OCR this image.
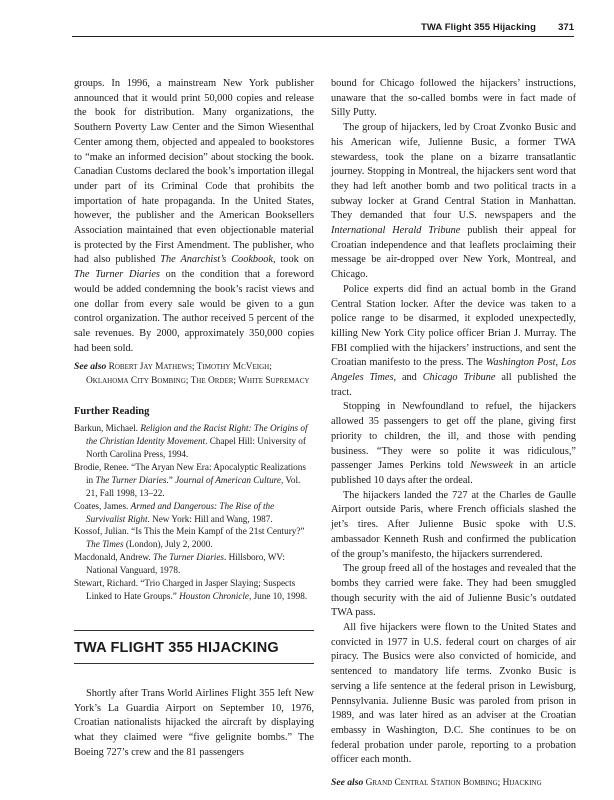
TWA Flight 355 Hijacking 371

groups. In 1996, a mainstream New York publisher announced that it would print 50,000 copies and release the book for distribution. Many organizations, the Southern Poverty Law Center and the Simon Wiesenthal Center among them, objected and appealed to bookstores to “make an informed decision” about stocking the book. Canadian Customs declared the book’s importation illegal under part of its Criminal Code that prohibits the importation of hate propaganda. In the United States, however, the publisher and the American Booksellers Association maintained that even objectionable material is protected by the First Amendment. The publisher, who had also published The Anarchist’s Cookbook, took on The Turner Diaries on the condition that a foreword would be added condemning the book’s racist views and one dollar from every sale would be given to a gun control organization. The author received 5 percent of the sale revenues. By 2000, approximately 350,000 copies had been sold.

See also Robert Jay Mathews; Timothy McVeigh; Oklahoma City Bombing; The Order; White Supremacy
Further Reading
Barkun, Michael. Religion and the Racist Right: The Origins of the Christian Identity Movement. Chapel Hill: University of North Carolina Press, 1994.
Brodie, Renee. “The Aryan New Era: Apocalyptic Realizations in The Turner Diaries.” Journal of American Culture, Vol. 21, Fall 1998, 13–22.
Coates, James. Armed and Dangerous: The Rise of the Survivalist Right. New York: Hill and Wang, 1987.
Kossof, Julian. “Is This the Mein Kampf of the 21st Century?” The Times (London), July 2, 2000.
Macdonald, Andrew. The Turner Diaries. Hillsboro, WV: National Vanguard, 1978.
Stewart, Richard. “Trio Charged in Jasper Slaying; Suspects Linked to Hate Groups.” Houston Chronicle, June 10, 1998.
TWA FLIGHT 355 HIJACKING

Shortly after Trans World Airlines Flight 355 left New York’s La Guardia Airport on September 10, 1976, Croatian nationalists hijacked the aircraft by displaying what they claimed were “five gelignite bombs.” The Boeing 727’s crew and the 81 passengers

bound for Chicago followed the hijackers’ instructions, unaware that the so-called bombs were in fact made of Silly Putty.

The group of hijackers, led by Croat Zvonko Busic and his American wife, Julienne Busic, a former TWA stewardess, took the plane on a bizarre transatlantic journey. Stopping in Montreal, the hijackers sent word that they had left another bomb and two political tracts in a subway locker at Grand Central Station in Manhattan. They demanded that four U.S. newspapers and the International Herald Tribune publish their appeal for Croatian independence and that leaflets proclaiming their message be air-dropped over New York, Montreal, and Chicago.

Police experts did find an actual bomb in the Grand Central Station locker. After the device was taken to a police range to be disarmed, it exploded unexpectedly, killing New York City police officer Brian J. Murray. The FBI complied with the hijackers’ instructions, and sent the Croatian manifesto to the press. The Washington Post, Los Angeles Times, and Chicago Tribune all published the tract.

Stopping in Newfoundland to refuel, the hijackers allowed 35 passengers to get off the plane, giving first priority to children, the ill, and those with pending business. “They were so polite it was ridiculous,” passenger James Perkins told Newsweek in an article published 10 days after the ordeal.

The hijackers landed the 727 at the Charles de Gaulle Airport outside Paris, where French officials slashed the jet’s tires. After Julienne Busic spoke with U.S. ambassador Kenneth Rush and confirmed the publication of the group’s manifesto, the hijackers surrendered.

The group freed all of the hostages and revealed that the bombs they carried were fake. They had been smuggled though security with the aid of Julienne Busic’s outdated TWA pass.

All five hijackers were flown to the United States and convicted in 1977 in U.S. federal court on charges of air piracy. The Busics were also convicted of homicide, and sentenced to mandatory life terms. Zvonko Busic is serving a life sentence at the federal prison in Lewisburg, Pennsylvania. Julienne Busic was paroled from prison in 1989, and was later hired as an adviser at the Croatian embassy in Washington, D.C. She continues to be on federal probation under parole, reporting to a probation officer each month.

See also Grand Central Station Bombing; Hijacking
